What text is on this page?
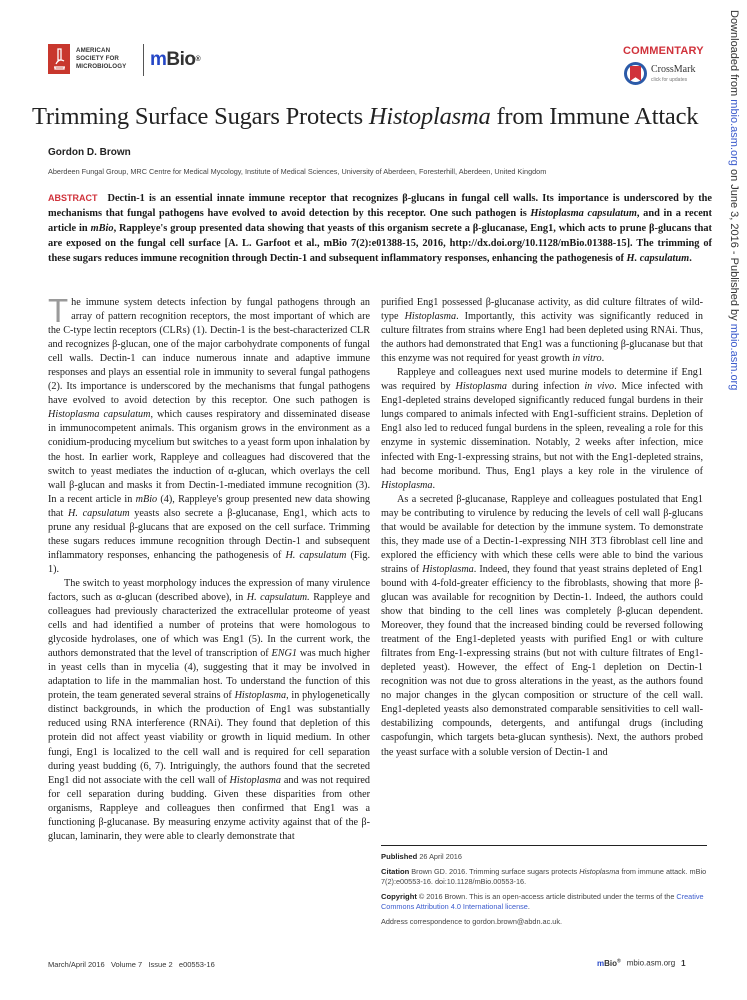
AMERICAN
SOCIETY FOR
MICROBIOLOGY mBio®
COMMENTARY
CrossMark
click for updates	Downloaded from mbio.asm.org on June 3, 2016 - Published by mbio.asm.org
Trimming Surface Sugars Protects Histoplasma from Immune Attack
Gordon D. Brown
Aberdeen Fungal Group, MRC Centre for Medical Mycology, Institute of Medical Sciences, University of Aberdeen, Foresterhill, Aberdeen, United Kingdom
ABSTRACT Dectin-1 is an essential innate immune receptor that recognizes β-glucans in fungal cell walls. Its importance is underscored by the mechanisms that fungal pathogens have evolved to avoid detection by this receptor. One such pathogen is Histoplasma capsulatum, and in a recent article in mBio, Rappleye's group presented data showing that yeasts of this organism secrete a β-glucanase, Eng1, which acts to prune β-glucans that are exposed on the fungal cell surface [A. L. Garfoot et al., mBio 7(2):e01388-15, 2016, http://dx.doi.org/10.1128/mBio.01388-15]. The trimming of these sugars reduces immune recognition through Dectin-1 and subsequent inflammatory responses, enhancing the pathogenesis of H. capsulatum.

The immune system detects infection by fungal pathogens through an array of pattern recognition receptors, the most important of which are the C-type lectin receptors (CLRs) (1). Dectin-1 is the best-characterized CLR and recognizes β-glucan, one of the major carbohydrate components of fungal cell walls. Dectin-1 can induce numerous innate and adaptive immune responses and plays an essential role in immunity to several fungal pathogens (2). Its importance is underscored by the mechanisms that fungal pathogens have evolved to avoid detection by this receptor. One such pathogen is Histoplasma capsulatum, which causes respiratory and disseminated disease in immunocompetent animals. This organism grows in the environment as a conidium-producing mycelium but switches to a yeast form upon inhalation by the host. In earlier work, Rappleye and colleagues had discovered that the switch to yeast mediates the induction of α-glucan, which overlays the cell wall β-glucan and masks it from Dectin-1-mediated immune recognition (3). In a recent article in mBio (4), Rappleye's group presented new data showing that H. capsulatum yeasts also secrete a β-glucanase, Eng1, which acts to prune any residual β-glucans that are exposed on the cell surface. Trimming these sugars reduces immune recognition through Dectin-1 and subsequent inflammatory responses, enhancing the pathogenesis of H. capsulatum (Fig. 1).

The switch to yeast morphology induces the expression of many virulence factors, such as α-glucan (described above), in H. capsulatum. Rappleye and colleagues had previously characterized the extracellular proteome of yeast cells and had identified a number of proteins that were homologous to glycoside hydrolases, one of which was Eng1 (5). In the current work, the authors demonstrated that the level of transcription of ENG1 was much higher in yeast cells than in mycelia (4), suggesting that it may be involved in adaptation to life in the mammalian host. To understand the function of this protein, the team generated several strains of Histoplasma, in phylogenetically distinct backgrounds, in which the production of Eng1 was substantially reduced using RNA interference (RNAi). They found that depletion of this protein did not affect yeast viability or growth in liquid medium. In other fungi, Eng1 is localized to the cell wall and is required for cell separation during yeast budding (6, 7). Intriguingly, the authors found that the secreted Eng1 did not associate with the cell wall of Histoplasma and was not required for cell separation during budding. Given these disparities from other organisms, Rappleye and colleagues then confirmed that Eng1 was a functioning β-glucanase. By measuring enzyme activity against that of the β-glucan, laminarin, they were able to clearly demonstrate that

purified Eng1 possessed β-glucanase activity, as did culture filtrates of wild-type Histoplasma. Importantly, this activity was significantly reduced in culture filtrates from strains where Eng1 had been depleted using RNAi. Thus, the authors had demonstrated that Eng1 was a functioning β-glucanase but that this enzyme was not required for yeast growth in vitro.

Rappleye and colleagues next used murine models to determine if Eng1 was required by Histoplasma during infection in vivo. Mice infected with Eng1-depleted strains developed significantly reduced fungal burdens in their lungs compared to animals infected with Eng1-sufficient strains. Depletion of Eng1 also led to reduced fungal burdens in the spleen, revealing a role for this enzyme in systemic dissemination. Notably, 2 weeks after infection, mice infected with Eng-1-expressing strains, but not with the Eng1-depleted strains, had become moribund. Thus, Eng1 plays a key role in the virulence of Histoplasma.

As a secreted β-glucanase, Rappleye and colleagues postulated that Eng1 may be contributing to virulence by reducing the levels of cell wall β-glucans that would be available for detection by the immune system. To demonstrate this, they made use of a Dectin-1-expressing NIH 3T3 fibroblast cell line and explored the efficiency with which these cells were able to bind the various strains of Histoplasma. Indeed, they found that yeast strains depleted of Eng1 bound with 4-fold-greater efficiency to the fibroblasts, showing that more β-glucan was available for recognition by Dectin-1. Indeed, the authors could show that binding to the cell lines was completely β-glucan dependent. Moreover, they found that the increased binding could be reversed following treatment of the Eng1-depleted yeasts with purified Eng1 or with culture filtrates from Eng-1-expressing strains (but not with culture filtrates of Eng1-depleted yeast). However, the effect of Eng-1 depletion on Dectin-1 recognition was not due to gross alterations in the yeast, as the authors found no major changes in the glycan composition or structure of the cell wall. Eng1-depleted yeasts also demonstrated comparable sensitivities to cell wall-destabilizing compounds, detergents, and antifungal drugs (including caspofungin, which targets beta-glucan synthesis). Next, the authors probed the yeast surface with a soluble version of Dectin-1 and

Published 26 April 2016
Citation Brown GD. 2016. Trimming surface sugars protects Histoplasma from immune attack. mBio 7(2):e00553-16. doi:10.1128/mBio.00553-16.
Copyright © 2016 Brown. This is an open-access article distributed under the terms of the Creative Commons Attribution 4.0 International license.
Address correspondence to gordon.brown@abdn.ac.uk.
March/April 2016   Volume 7   Issue 2   e00553-16	mBio® mbio.asm.org 1
